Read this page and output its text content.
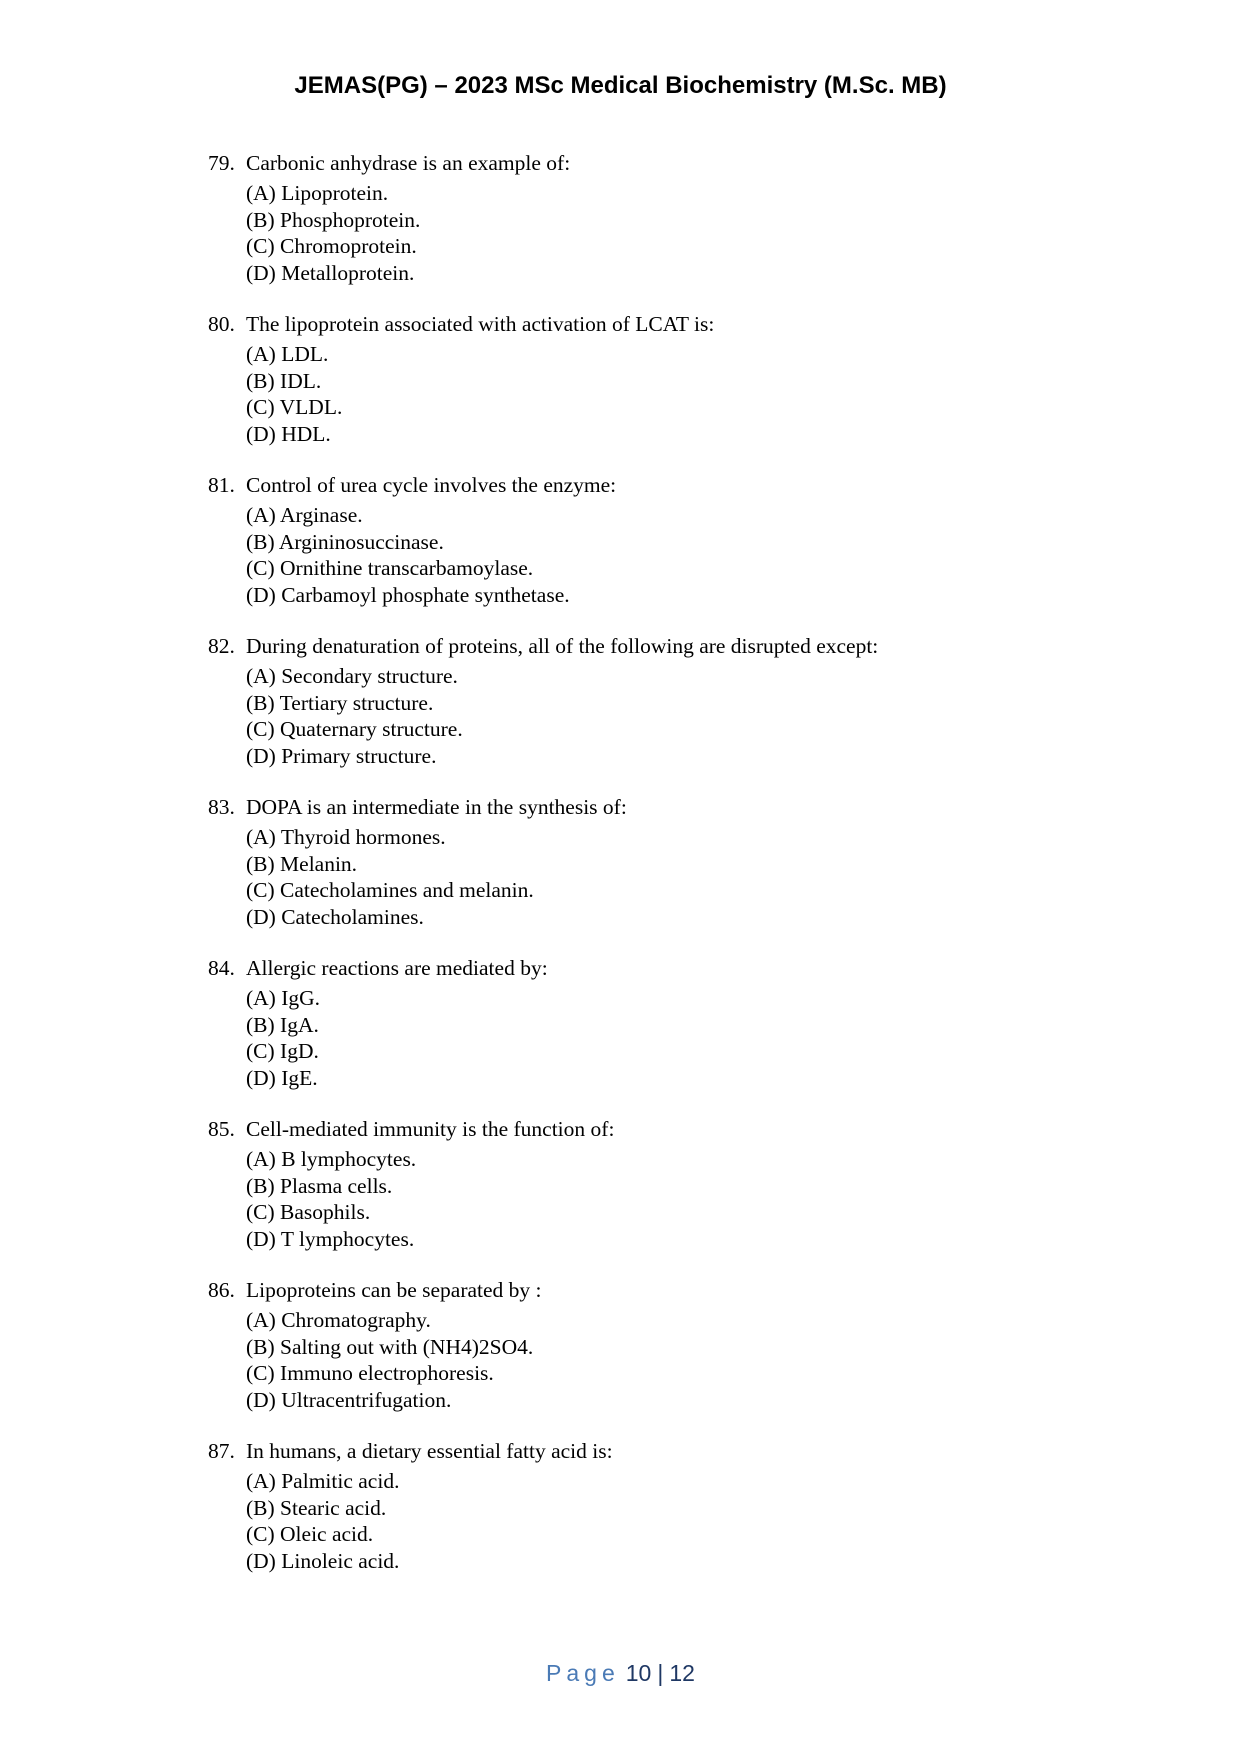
JEMAS(PG) – 2023 MSc Medical Biochemistry (M.Sc. MB)
79. Carbonic anhydrase is an example of:
(A) Lipoprotein.
(B) Phosphoprotein.
(C) Chromoprotein.
(D) Metalloprotein.
80. The lipoprotein associated with activation of LCAT is:
(A) LDL.
(B) IDL.
(C) VLDL.
(D) HDL.
81. Control of urea cycle involves the enzyme:
(A) Arginase.
(B) Argininosuccinase.
(C) Ornithine transcarbamoylase.
(D) Carbamoyl phosphate synthetase.
82. During denaturation of proteins, all of the following are disrupted except:
(A) Secondary structure.
(B) Tertiary structure.
(C) Quaternary structure.
(D) Primary structure.
83. DOPA is an intermediate in the synthesis of:
(A) Thyroid hormones.
(B) Melanin.
(C) Catecholamines and melanin.
(D) Catecholamines.
84. Allergic reactions are mediated by:
(A) IgG.
(B) IgA.
(C) IgD.
(D) IgE.
85. Cell-mediated immunity is the function of:
(A) B lymphocytes.
(B) Plasma cells.
(C) Basophils.
(D) T lymphocytes.
86. Lipoproteins can be separated by :
(A) Chromatography.
(B) Salting out with (NH4)2SO4.
(C) Immuno electrophoresis.
(D) Ultracentrifugation.
87. In humans, a dietary essential fatty acid is:
(A) Palmitic acid.
(B) Stearic acid.
(C) Oleic acid.
(D) Linoleic acid.
Page 10 | 12
